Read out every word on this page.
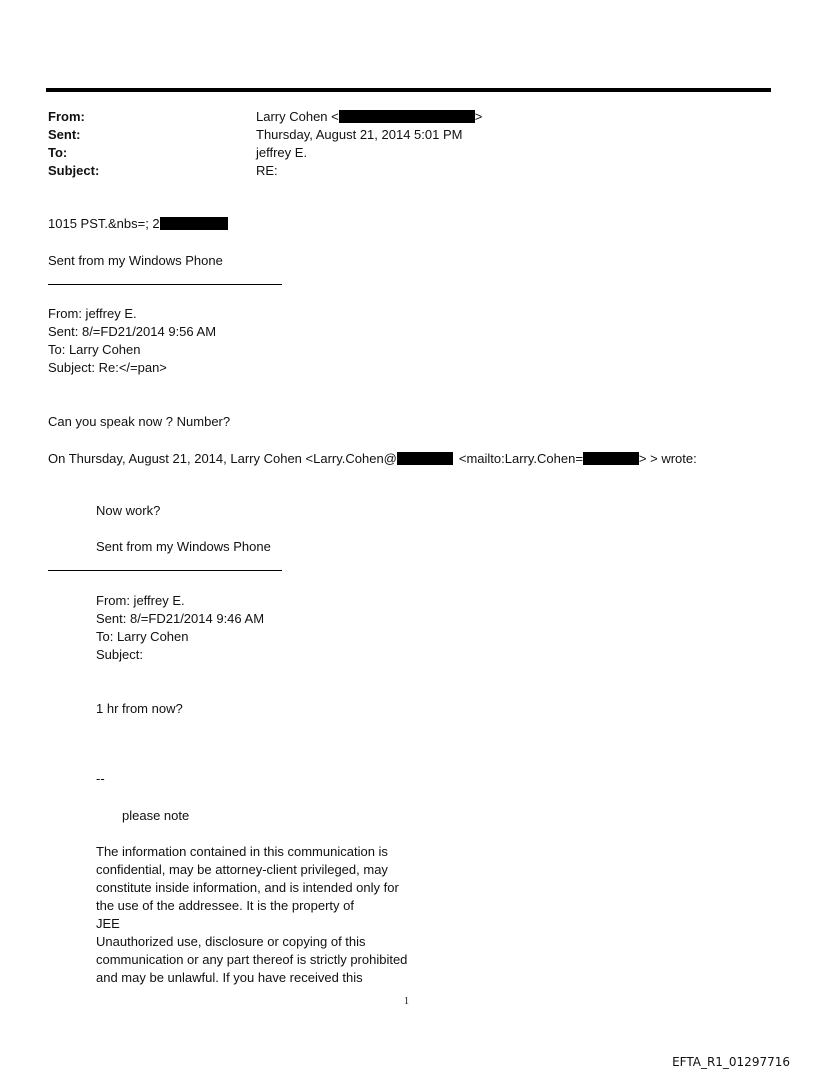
From:	Larry Cohen <	>
Sent:	Thursday, August 21, 2014 5:01 PM
To:	jeffrey E.
Subject:	RE:
1015 PST.&nbs=; 2
Sent from my Windows Phone
From: jeffrey E.
Sent: 8/=FD21/2014 9:56 AM
To: Larry Cohen
Subject: Re:</=pan>
Can you speak now ? Number?
On Thursday, August 21, 2014, Larry Cohen <Larry.Cohen@	<mailto:Larry.Cohen=	> > wrote:
Now work?
Sent from my Windows Phone
From: jeffrey E.
Sent: 8/=FD21/2014 9:46 AM
To: Larry Cohen
Subject:
1 hr from now?
--
please note
The information contained in this communication is
confidential, may be attorney-client privileged, may
constitute inside information, and is intended only for
the use of the addressee. It is the property of
JEE
Unauthorized use, disclosure or copying of this
communication or any part thereof is strictly prohibited
and may be unlawful. If you have received this
1
EFTA_R1_01297716
